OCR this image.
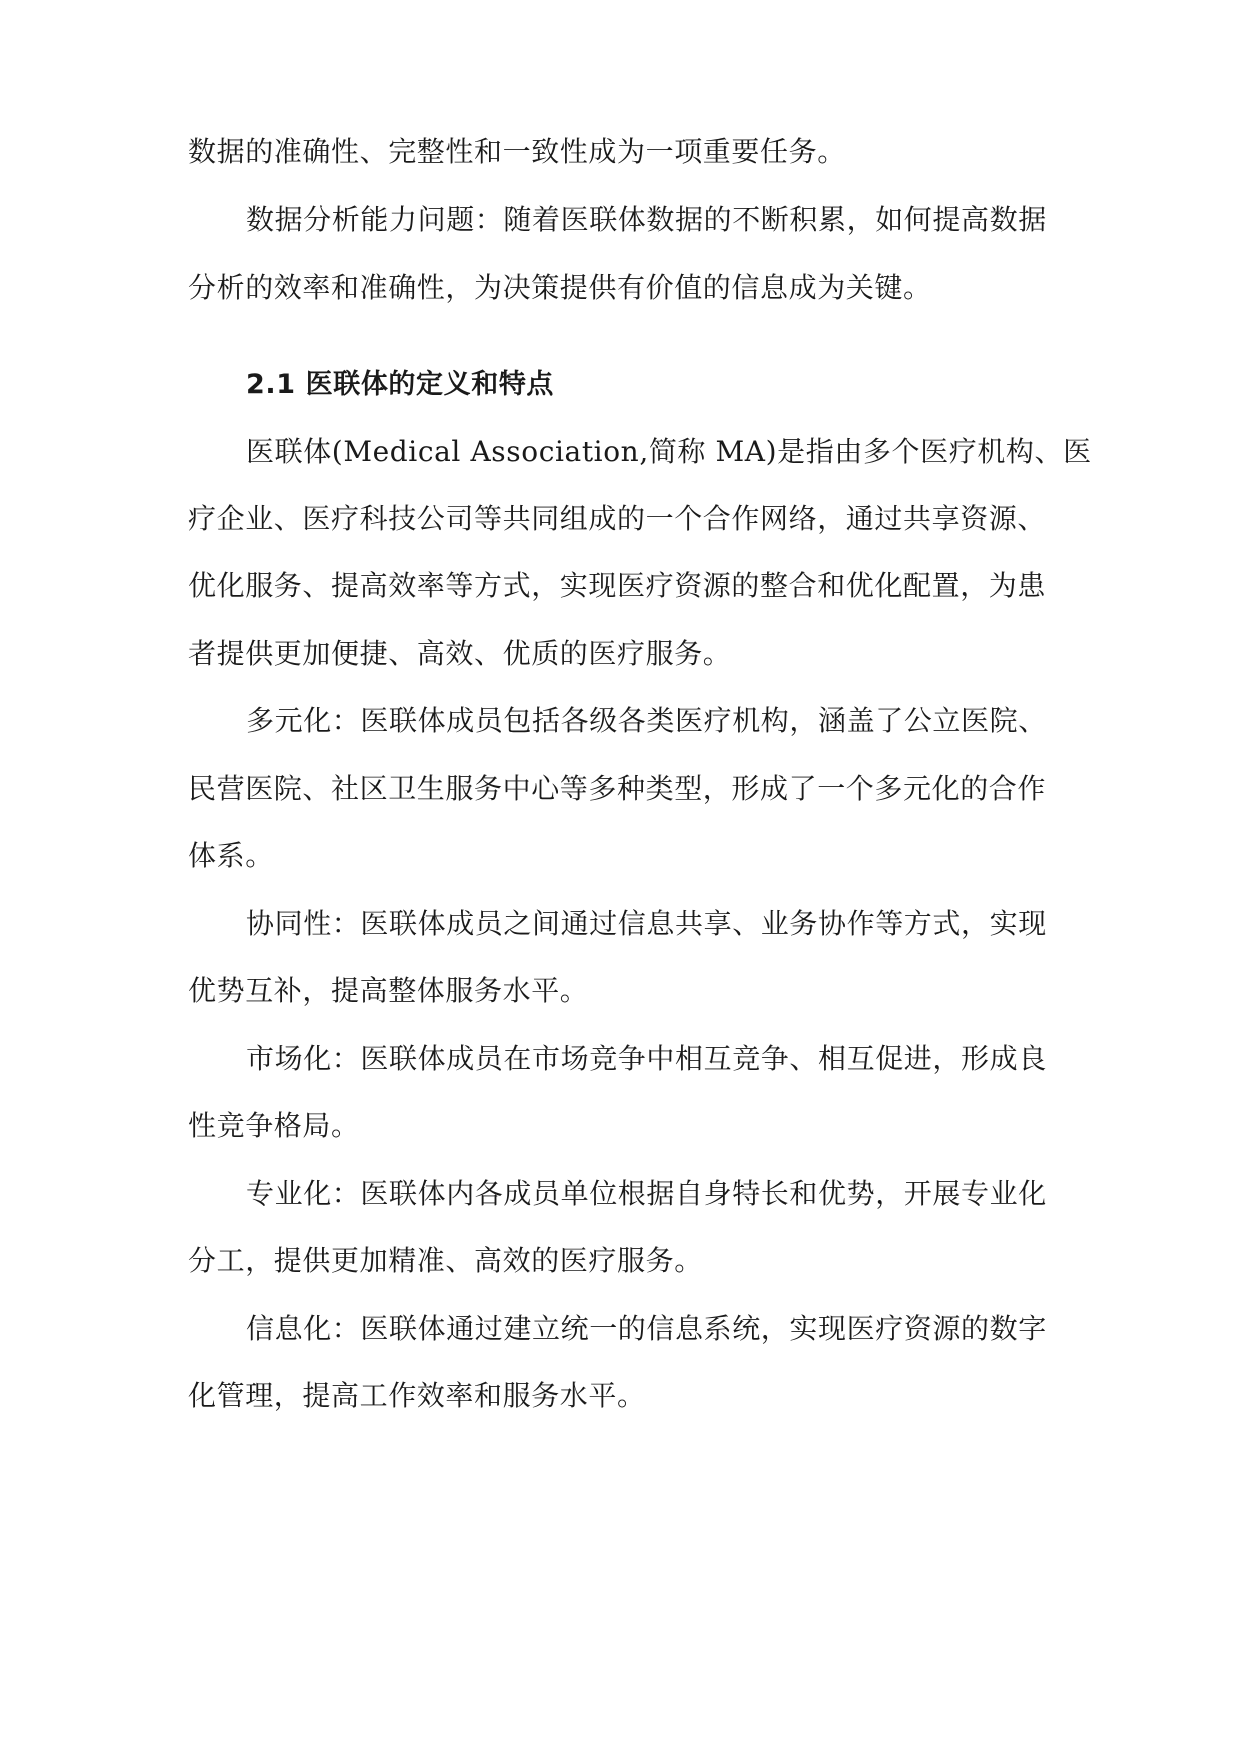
数据的准确性、完整性和一致性成为一项重要任务。
数据分析能力问题：随着医联体数据的不断积累，如何提高数据
分析的效率和准确性，为决策提供有价值的信息成为关键。
2.1 医联体的定义和特点
医联体(Medical Association,简称 MA)是指由多个医疗机构、医
疗企业、医疗科技公司等共同组成的一个合作网络，通过共享资源、
优化服务、提高效率等方式，实现医疗资源的整合和优化配置，为患
者提供更加便捷、高效、优质的医疗服务。
多元化：医联体成员包括各级各类医疗机构，涵盖了公立医院、
民营医院、社区卫生服务中心等多种类型，形成了一个多元化的合作
体系。
协同性：医联体成员之间通过信息共享、业务协作等方式，实现
优势互补，提高整体服务水平。
市场化：医联体成员在市场竞争中相互竞争、相互促进，形成良
性竞争格局。
专业化：医联体内各成员单位根据自身特长和优势，开展专业化
分工，提供更加精准、高效的医疗服务。
信息化：医联体通过建立统一的信息系统，实现医疗资源的数字
化管理，提高工作效率和服务水平。
